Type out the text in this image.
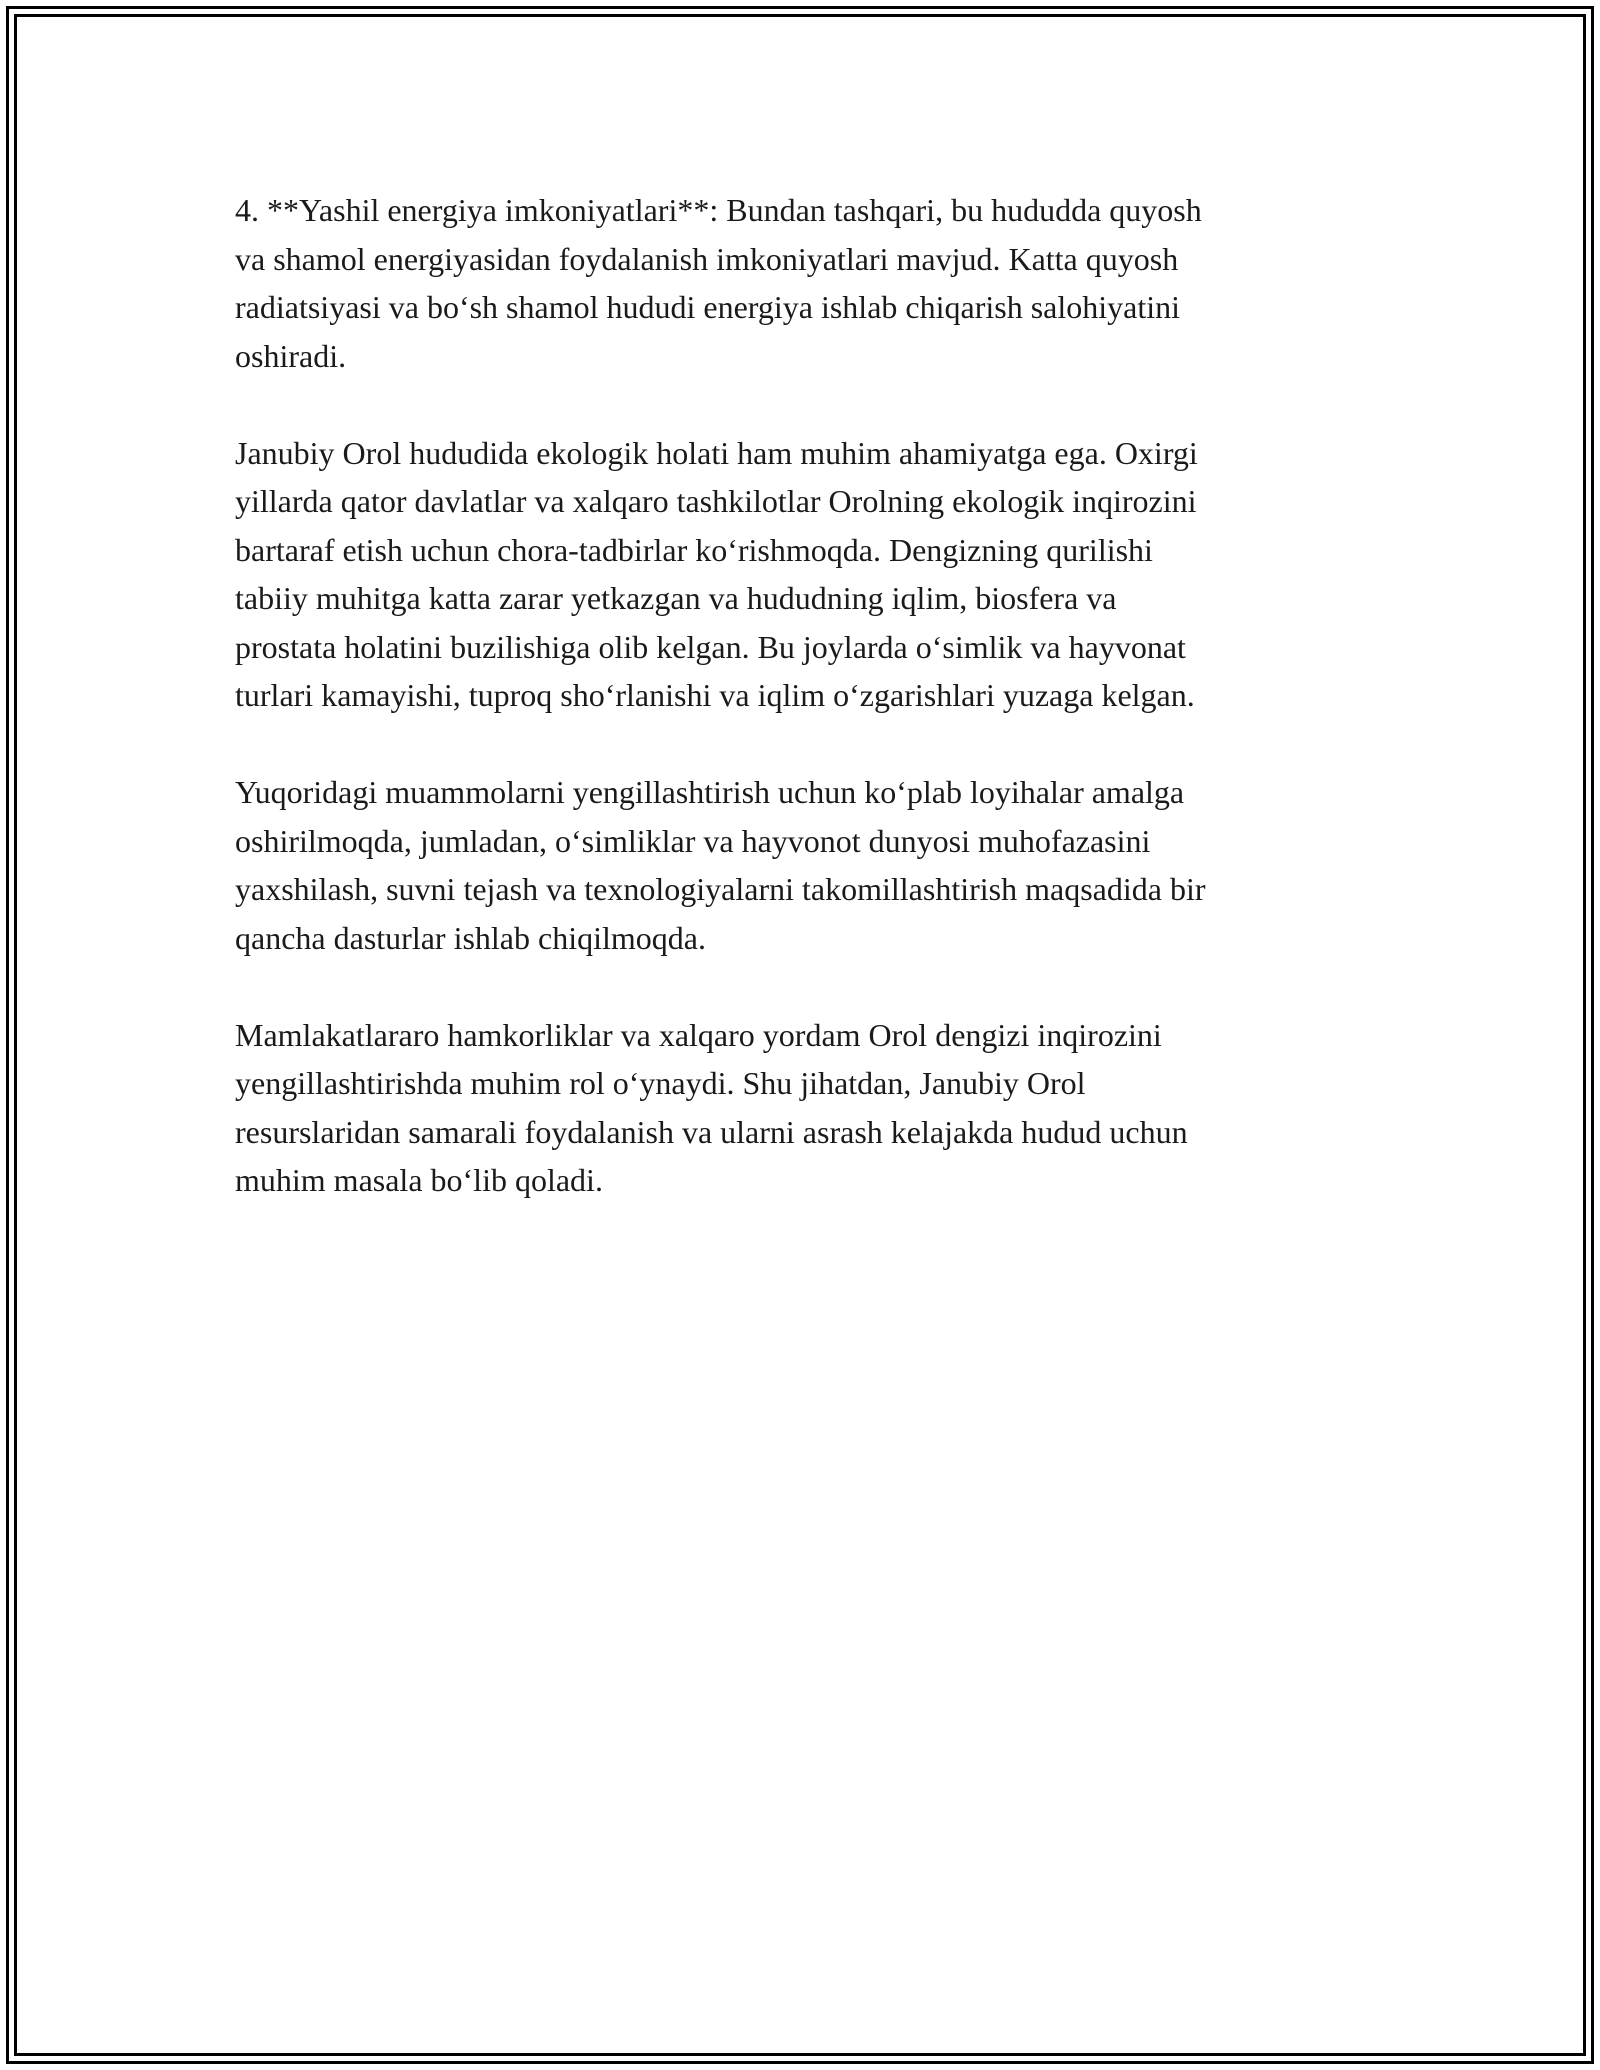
4. **Yashil energiya imkoniyatlari**: Bundan tashqari, bu hududda quyosh
va shamol energiyasidan foydalanish imkoniyatlari mavjud. Katta quyosh
radiatsiyasi va bo‘sh shamol hududi energiya ishlab chiqarish salohiyatini
oshiradi.

Janubiy Orol hududida ekologik holati ham muhim ahamiyatga ega. Oxirgi
yillarda qator davlatlar va xalqaro tashkilotlar Orolning ekologik inqirozini
bartaraf etish uchun chora-tadbirlar ko‘rishmoqda. Dengizning qurilishi
tabiiy muhitga katta zarar yetkazgan va hududning iqlim, biosfera va
prostata holatini buzilishiga olib kelgan. Bu joylarda o‘simlik va hayvonat
turlari kamayishi, tuproq sho‘rlanishi va iqlim o‘zgarishlari yuzaga kelgan.

Yuqoridagi muammolarni yengillashtirish uchun ko‘plab loyihalar amalga
oshirilmoqda, jumladan, o‘simliklar va hayvonot dunyosi muhofazasini
yaxshilash, suvni tejash va texnologiyalarni takomillashtirish maqsadida bir
qancha dasturlar ishlab chiqilmoqda.

Mamlakatlararo hamkorliklar va xalqaro yordam Orol dengizi inqirozini
yengillashtirishda muhim rol o‘ynaydi. Shu jihatdan, Janubiy Orol
resurslaridan samarali foydalanish va ularni asrash kelajakda hudud uchun
muhim masala bo‘lib qoladi.
